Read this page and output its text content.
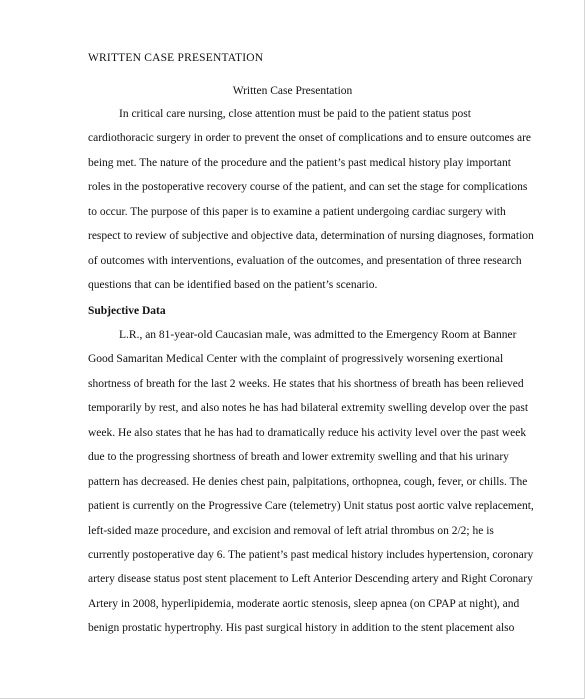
WRITTEN CASE PRESENTATION
Written Case Presentation
In critical care nursing, close attention must be paid to the patient status post
cardiothoracic surgery in order to prevent the onset of complications and to ensure outcomes are
being met. The nature of the procedure and the patient’s past medical history play important
roles in the postoperative recovery course of the patient, and can set the stage for complications
to occur. The purpose of this paper is to examine a patient undergoing cardiac surgery with
respect to review of subjective and objective data, determination of nursing diagnoses, formation
of outcomes with interventions, evaluation of the outcomes, and presentation of three research
questions that can be identified based on the patient’s scenario.
Subjective Data
L.R., an 81-year-old Caucasian male, was admitted to the Emergency Room at Banner
Good Samaritan Medical Center with the complaint of progressively worsening exertional
shortness of breath for the last 2 weeks. He states that his shortness of breath has been relieved
temporarily by rest, and also notes he has had bilateral extremity swelling develop over the past
week. He also states that he has had to dramatically reduce his activity level over the past week
due to the progressing shortness of breath and lower extremity swelling and that his urinary
pattern has decreased. He denies chest pain, palpitations, orthopnea, cough, fever, or chills. The
patient is currently on the Progressive Care (telemetry) Unit status post aortic valve replacement,
left-sided maze procedure, and excision and removal of left atrial thrombus on 2/2; he is
currently postoperative day 6. The patient’s past medical history includes hypertension, coronary
artery disease status post stent placement to Left Anterior Descending artery and Right Coronary
Artery in 2008, hyperlipidemia, moderate aortic stenosis, sleep apnea (on CPAP at night), and
benign prostatic hypertrophy. His past surgical history in addition to the stent placement also
